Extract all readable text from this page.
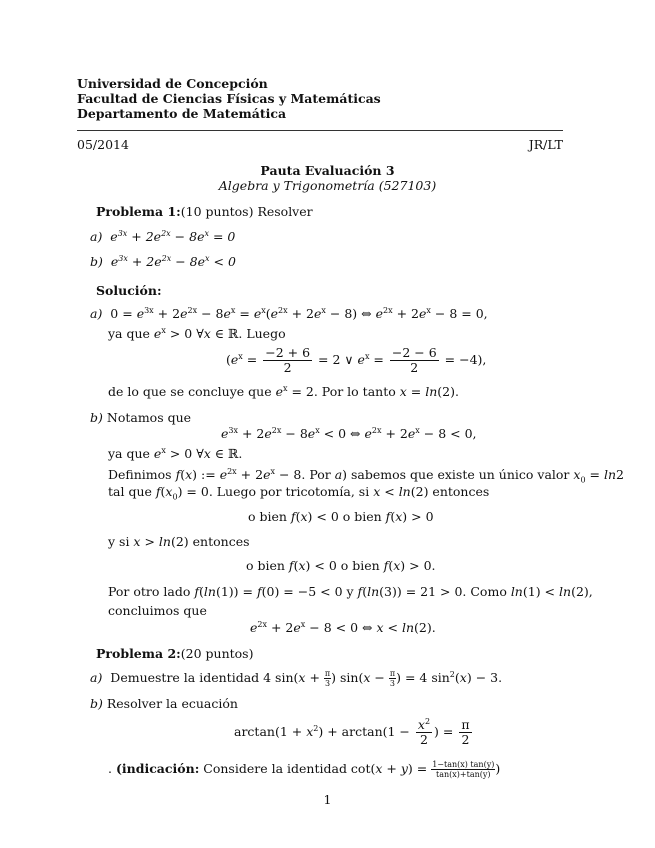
Universidad de Concepción
Facultad de Ciencias Físicas y Matemáticas
Departamento de Matemática
05/2014	JR/LT
Pauta Evaluación 3
Algebra y Trigonometría (527103)
Problema 1:(10 puntos) Resolver
a)  $e^{3x} + 2e^{2x} - 8e^x = 0$
b)  $e^{3x} + 2e^{2x} - 8e^x < 0$
Solución:
a)  $0 = e^{3x} + 2e^{2x} - 8e^x = e^x(e^{2x} + 2e^x - 8)$ ⇔ $e^{2x} + 2e^x - 8 = 0$,
ya que $e^x > 0$ ∀x ∈ ℝ. Luego
($e^x = \frac{-2 + 6}{2} = 2$ ∨ $e^x = \frac{-2 - 6}{2} = -4$),
de lo que se concluye que $e^x = 2$. Por lo tanto x = ln(2).
b) Notamos que
$e^{3x} + 2e^{2x} - 8e^x < 0$ ⇔ $e^{2x} + 2e^x - 8 < 0$,
ya que $e^x > 0$ ∀x ∈ ℝ.
Definimos f(x) := $e^{2x} + 2e^x - 8$. Por a) sabemos que existe un único valor $x_0 = \ln 2$
tal que $f(x_0) = 0$. Luego por tricotomía, si x < ln(2) entonces
o bien f(x) < 0 o bien f(x) > 0
y si x > ln(2) entonces
o bien f(x) < 0 o bien f(x) > 0.
Por otro lado f(ln(1)) = f(0) = −5 < 0 y f(ln(3)) = 21 > 0. Como ln(1) < ln(2),
concluimos que
$e^{2x} + 2e^x - 8 < 0$ ⇔ x < ln(2).
Problema 2:(20 puntos)
a)  Demuestre la identidad 4 $\sin(x + \frac{\pi}{3}$ ) $\sin(x - \frac{\pi}{3}$ ) = 4 $\sin^2(x) - 3$.
b) Resolver la ecuación
$\arctan(1 + x^2) + \arctan(1 - \frac{x^2}{2}$ ) = $\frac{\pi}{2}$
. (indicación: Considere la identidad $\cot(x + y) = \frac{1-\tan(x) \tan(y)}{\tan(x)+\tan(y)}$ )
1
